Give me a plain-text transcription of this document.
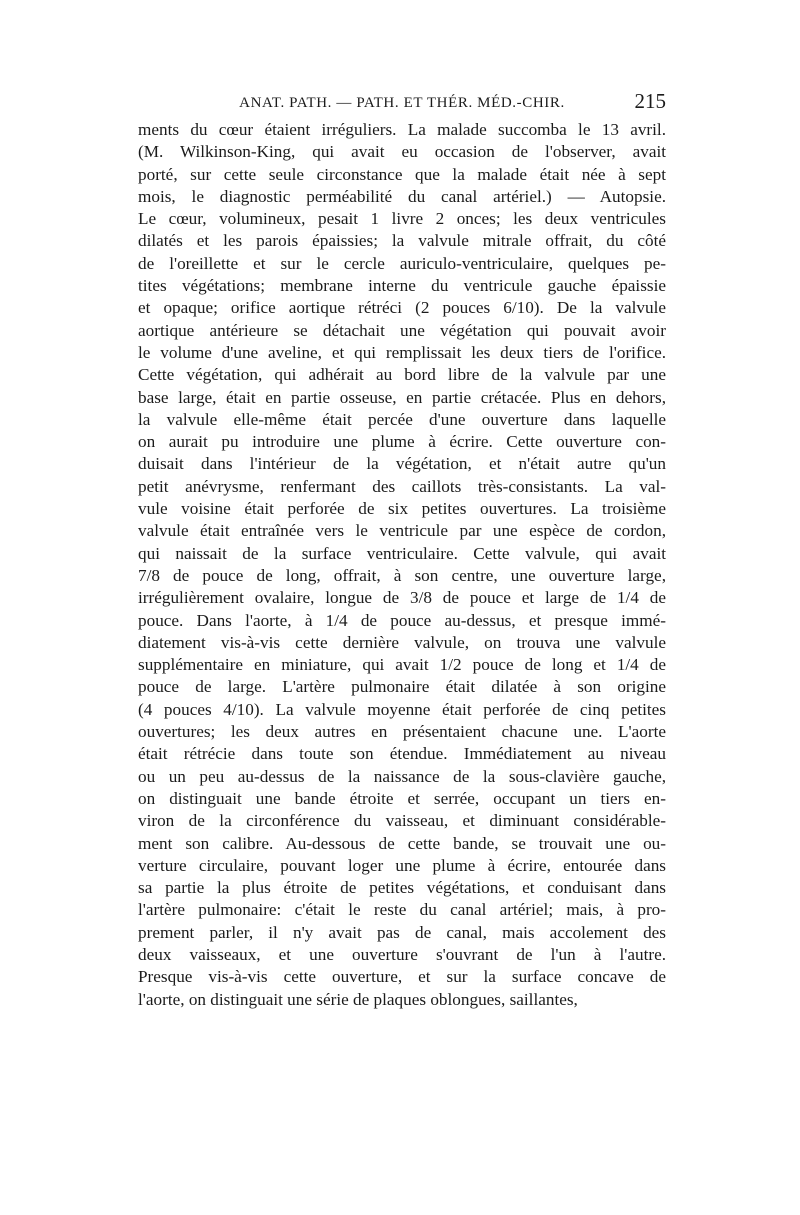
ANAT. PATH. — PATH. ET THÉR. MÉD.-CHIR.	215
ments du cœur étaient irréguliers. La malade succomba le 13 avril.
(M. Wilkinson-King, qui avait eu occasion de l'observer, avait
porté, sur cette seule circonstance que la malade était née à sept
mois, le diagnostic perméabilité du canal artériel.) — Autopsie.
Le cœur, volumineux, pesait 1 livre 2 onces; les deux ventricules
dilatés et les parois épaissies; la valvule mitrale offrait, du côté
de l'oreillette et sur le cercle auriculo-ventriculaire, quelques pe-
tites végétations; membrane interne du ventricule gauche épaissie
et opaque; orifice aortique rétréci (2 pouces 6/10). De la valvule
aortique antérieure se détachait une végétation qui pouvait avoir
le volume d'une aveline, et qui remplissait les deux tiers de l'orifice.
Cette végétation, qui adhérait au bord libre de la valvule par une
base large, était en partie osseuse, en partie crétacée. Plus en dehors,
la valvule elle-même était percée d'une ouverture dans laquelle
on aurait pu introduire une plume à écrire. Cette ouverture con-
duisait dans l'intérieur de la végétation, et n'était autre qu'un
petit anévrysme, renfermant des caillots très-consistants. La val-
vule voisine était perforée de six petites ouvertures. La troisième
valvule était entraînée vers le ventricule par une espèce de cordon,
qui naissait de la surface ventriculaire. Cette valvule, qui avait
7/8 de pouce de long, offrait, à son centre, une ouverture large,
irrégulièrement ovalaire, longue de 3/8 de pouce et large de 1/4 de
pouce. Dans l'aorte, à 1/4 de pouce au-dessus, et presque immé-
diatement vis-à-vis cette dernière valvule, on trouva une valvule
supplémentaire en miniature, qui avait 1/2 pouce de long et 1/4 de
pouce de large. L'artère pulmonaire était dilatée à son origine
(4 pouces 4/10). La valvule moyenne était perforée de cinq petites
ouvertures; les deux autres en présentaient chacune une. L'aorte
était rétrécie dans toute son étendue. Immédiatement au niveau
ou un peu au-dessus de la naissance de la sous-clavière gauche,
on distinguait une bande étroite et serrée, occupant un tiers en-
viron de la circonférence du vaisseau, et diminuant considérable-
ment son calibre. Au-dessous de cette bande, se trouvait une ou-
verture circulaire, pouvant loger une plume à écrire, entourée dans
sa partie la plus étroite de petites végétations, et conduisant dans
l'artère pulmonaire: c'était le reste du canal artériel; mais, à pro-
prement parler, il n'y avait pas de canal, mais accolement des
deux vaisseaux, et une ouverture s'ouvrant de l'un à l'autre.
Presque vis-à-vis cette ouverture, et sur la surface concave de
l'aorte, on distinguait une série de plaques oblongues, saillantes,
